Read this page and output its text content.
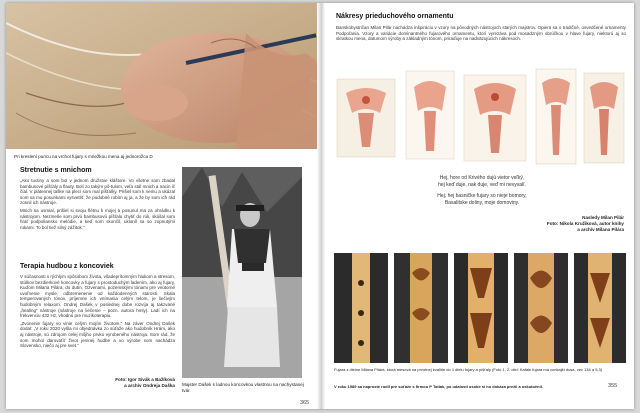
Pri kreslení puncu na vrchol fujary s mriežkou mena aj jednorožca D
Stretnutie s mnichom

„Ako tuctiny a som bol v jednom družstve kláštore. Vo všetne som zbadal bambusové píšťaly a flauty. Bolí zo takým pô-tulom, veľa stál mnich a nacin ič číal. V plátennej taške na plecí som mal píšťalky. Prišiel som k nemu a ukázal som sa mu posunkami vysvetliť, že podobné robím aj ja, a že by som ich rád zosnil ich nástroje.

Mnich sa usmial, prišiel si svoju flétnu k mojej a posunul ma za ohrádku k nástrojom. Nezmeše som prvú bambusovú píšťalu chytiť do rúk, skúšal som hrať podpoliansko melódie, a keď som skončil, ukloníl sa so zopnutými rukami. To bol tiež silný zážitok.“

Terapia hudbou z koncoviek

V súčasnosti s rýchlym spôsobom života, všadeprítomným hlukom a stresom, stúlkov bezdierkové koncovky a fujary s prostoduchým ladením, ako aj fujary, Kuďom Milana Pilára, do dutín. Ozvenami, pozemskými tónami pre vnútorné uvoľnenie mysle, odbremenenie od každodenných starostí. Skala temperovaných tónov, príjemne ich vnímania celým telom, je liečivým hudobným relaxom. Ondrej Dašek v poslednej dobe rozvíja aj takzvané „healing“ nástroje (nástroje na liečenie – pozn. autora hmly). Ladí ich na frekvenciu 432 Hz, vhodnú pre muzikoterapiu.

„Zvonenie fujary vo vinie celým mojím životom.“ Na záver Ondrej Dašek dodal: „V roku 2020 vyšla mi objednávka zo súťaže ako hudobník Hrám, ako aj nástroje, sú zdrojom celej môjho prvku vyrobeného nástroja. Som rád, že som mohol darovaťiť život jemnej hudbe a vo výrobe som nachádza Slovensko, niečo aj pre svet.“

Foto: Igor Sivák a Bažíková
a archív Ondreja Daška Majster Dašek s ladnou koncovkou vlastnou na nachystanej tvár.
365
Nákresy prieduchového ornamentu
Banskobystričan Milan Pilár nachádza inšpiráciu v vzory na pôvodných nástrojoch starých majstrov. Opiera sa o tradičné, osvedčené ornamenty Podpoľania. Vzory a variácie dominantného fujarového ornamentu, ktorí vyrezáva pod mosadzným obrúčkou v hlave fujary, niektorú aj so skratkou mena, datumom výroby a základným tónom, priraďuje na nadväzujúcich nákresoch.
Hej, hore od Krivého dujú vietor veľký,
hej keď duje, nak duje, veď mi nevyvalí.
Hej, hej basničke fujary so nieje bomory,
Basalitske doliny, moje domoviny.
Nasledy Milan Pilár
Foto: Nikola Kružiková, autor knihy
a archív Milana Pilára
Fujara z dielne Milana Pilára, ktorá mesová na prvotnej kvaliňe do 1 dielu fujary a píšťaly (Foto 1, 2, diel: Kafale fujara má vonkajší dusa, vec 134 a 5,3)
V roku 1989 sa naprosté rodil pre súťaže s firmou P Tatiak, po udalosti osobe si ho dokáza prežil a uskutočnil.	355
